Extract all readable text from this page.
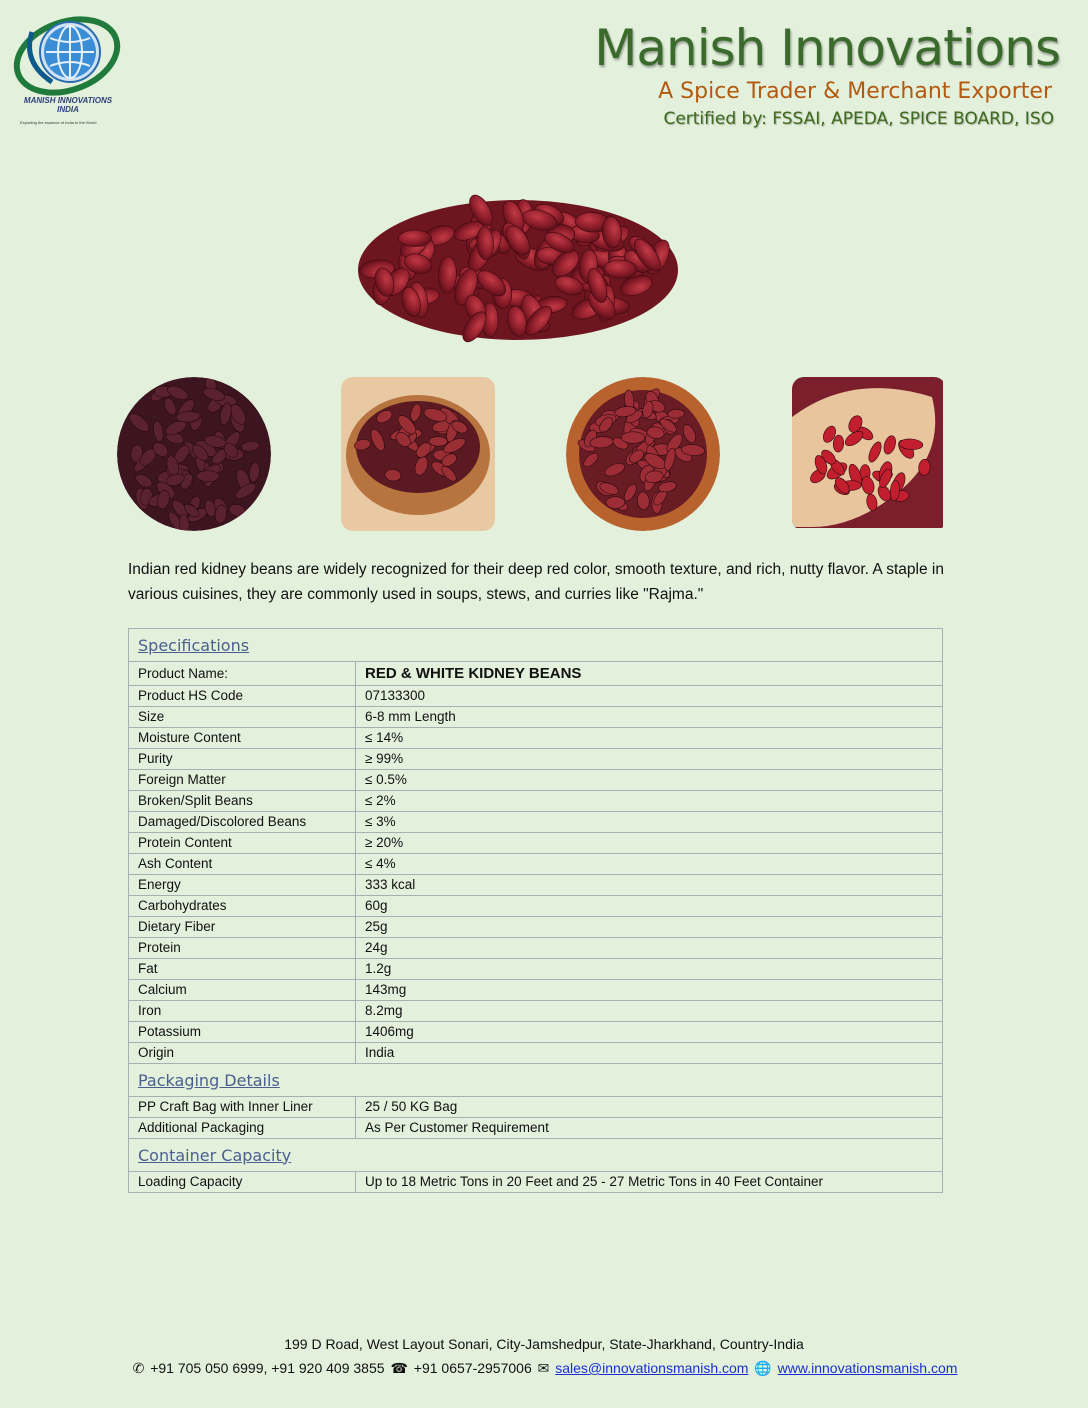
MANISH INNOVATIONS
INDIA
Exporting the essence of India to the World
Manish Innovations
A Spice Trader & Merchant Exporter
Certified by: FSSAI, APEDA, SPICE BOARD, ISO
Indian red kidney beans are widely recognized for their deep red color, smooth texture, and rich, nutty flavor. A staple in various cuisines, they are commonly used in soups, stews, and curries like "Rajma."
Specifications	
Product Name:	RED & WHITE KIDNEY BEANS
Product HS Code	07133300
Size	6-8 mm Length
Moisture Content	≤ 14%
Purity	≥ 99%
Foreign Matter	≤ 0.5%
Broken/Split Beans	≤ 2%
Damaged/Discolored Beans	≤ 3%
Protein Content	≥ 20%
Ash Content	≤ 4%
Energy	333 kcal
Carbohydrates	60g
Dietary Fiber	25g
Protein	24g
Fat	1.2g
Calcium	143mg
Iron	8.2mg
Potassium	1406mg
Origin	India
Packaging Details	
PP Craft Bag with Inner Liner	25 / 50 KG Bag
Additional Packaging	As Per Customer Requirement
Container Capacity	
Loading Capacity	Up to 18 Metric Tons in 20 Feet and 25 - 27 Metric Tons in 40 Feet Container
199 D Road, West Layout Sonari, City-Jamshedpur, State-Jharkhand, Country-India
✆ +91 705 050 6999, +91 920 409 3855 ☎ +91 0657-2957006 ✉ sales@innovationsmanish.com 🌐 www.innovationsmanish.com
